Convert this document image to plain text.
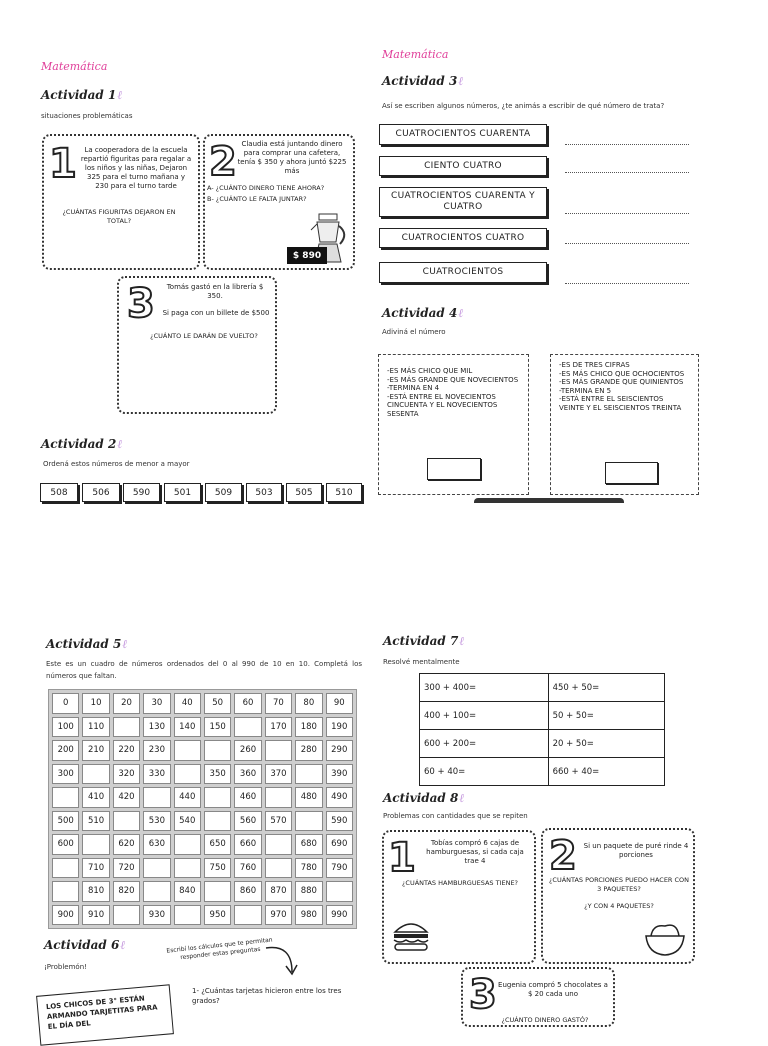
Matemática
Actividad 1ℓ
situaciones problemáticas
1	La cooperadora de la escuela repartió figuritas para regalar a los niños y las niñas, Dejaron 325 para el turno mañana y 230 para el turno tarde
¿CUÁNTAS FIGURITAS DEJARON EN TOTAL?
2 Claudia está juntando dinero para comprar una cafetera, tenía $ 350 y ahora juntó $225 más
A- ¿CUÁNTO DINERO TIENE AHORA?
B- ¿CUÁNTO LE FALTA JUNTAR?
$ 890
3	Tomás gastó en la librería $ 350.
Si paga con un billete de $500
¿CUÁNTO LE DARÁN DE VUELTO?
Actividad 2ℓ
Ordená estos números de menor a mayor
508	506	590	501	509	503	505	510
Matemática
Actividad 3ℓ
Así se escriben algunos números, ¿te animás a escribir de qué número de trata?
CUATROCIENTOS CUARENTA
CIENTO CUATRO
CUATROCIENTOS CUARENTA Y CUATRO
CUATROCIENTOS CUATRO
CUATROCIENTOS
Actividad 4ℓ
Adiviná el número
-ES MÁS CHICO QUE MIL
-ES MÁS GRANDE QUE NOVECIENTOS
-TERMINA EN 4
-ESTÁ ENTRE EL NOVECIENTOS CINCUENTA Y EL NOVECIENTOS SESENTA
-ES DE TRES CIFRAS
-ES MÁS CHICO QUE OCHOCIENTOS
-ES MÁS GRANDE QUE QUINIENTOS
-TERMINA EN 5
-ESTÁ ENTRE EL SEISCIENTOS VEINTE Y EL SEISCIENTOS TREINTA
Actividad 5ℓ
Este es un cuadro de números ordenados del 0 al 990 de 10 en 10. Completá los números que faltan.
0	10	20	30	40	50	60	70	80	90
100	110		130	140	150		170	180	190
200	210	220	230			260		280	290
300		320	330		350	360	370		390
	410	420		440		460		480	490
500	510		530	540		560	570		590
600		620	630		650	660		680	690
	710	720			750	760		780	790
	810	820		840		860	870	880	
900	910		930		950		970	980	990
Actividad 6ℓ
¡Problemón!
Escribí los cálculos que te permitan responder estas preguntas
1- ¿Cuántas tarjetas hicieron entre los tres grados?
LOS CHICOS DE 3° ESTÁN ARMANDO TARJETITAS PARA EL DÍA DEL
Actividad 7ℓ
Resolvé mentalmente
300 + 400=	450 + 50=
400 + 100=	50 + 50=
600 + 200=	20 + 50=
60 + 40=	660 + 40=
Actividad 8ℓ
Problemas con cantidades que se repiten
1	Tobías compró 6 cajas de hamburguesas, si cada caja trae 4
¿CUÁNTAS HAMBURGUESAS TIENE?
2 Si un paquete de puré rinde 4 porciones
¿CUÁNTAS PORCIONES PUEDO HACER CON 3 PAQUETES?
¿Y CON 4 PAQUETES?
3 Eugenia compró 5 chocolates a $ 20 cada uno
¿CUÁNTO DINERO GASTÓ?
